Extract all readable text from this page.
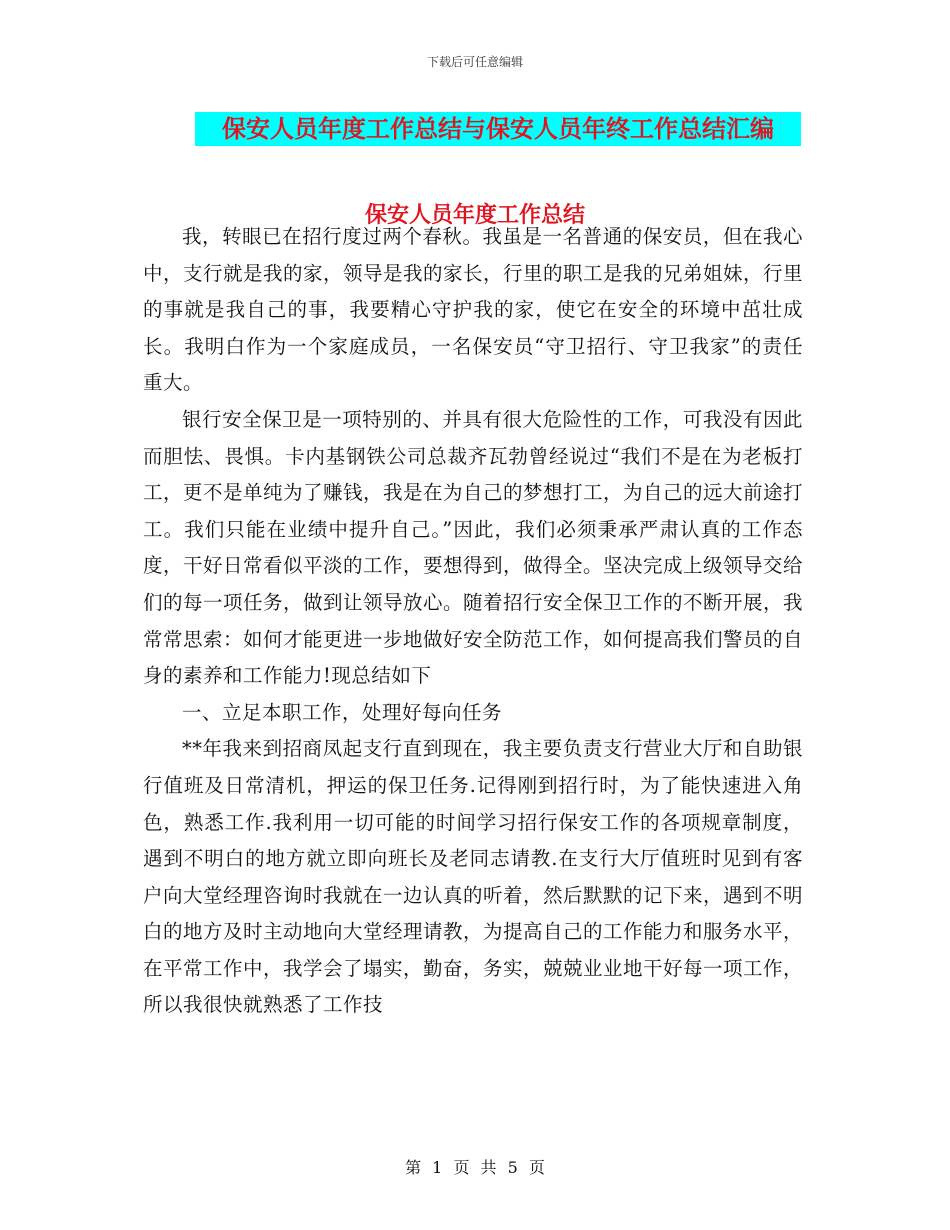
下载后可任意编辑
保安人员年度工作总结与保安人员年终工作总结汇编
保安人员年度工作总结

我，转眼已在招行度过两个春秋。我虽是一名普通的保安员，但在我心中，支行就是我的家，领导是我的家长，行里的职工是我的兄弟姐妹，行里的事就是我自己的事，我要精心守护我的家，使它在安全的环境中茁壮成长。我明白作为一个家庭成员，一名保安员“守卫招行、守卫我家”的责任重大。

银行安全保卫是一项特别的、并具有很大危险性的工作，可我没有因此而胆怯、畏惧。卡内基钢铁公司总裁齐瓦勃曾经说过“我们不是在为老板打工，更不是单纯为了赚钱，我是在为自己的梦想打工，为自己的远大前途打工。我们只能在业绩中提升自己。”因此，我们必须秉承严肃认真的工作态度，干好日常看似平淡的工作，要想得到，做得全。坚决完成上级领导交给们的每一项任务，做到让领导放心。随着招行安全保卫工作的不断开展，我常常思索：如何才能更进一步地做好安全防范工作，如何提高我们警员的自身的素养和工作能力!现总结如下

一、立足本职工作，处理好每向任务

**年我来到招商凤起支行直到现在，我主要负责支行营业大厅和自助银行值班及日常清机，押运的保卫任务.记得刚到招行时，为了能快速进入角色，熟悉工作.我利用一切可能的时间学习招行保安工作的各项规章制度，遇到不明白的地方就立即向班长及老同志请教.在支行大厅值班时见到有客户向大堂经理咨询时我就在一边认真的听着，然后默默的记下来，遇到不明白的地方及时主动地向大堂经理请教，为提高自己的工作能力和服务水平，在平常工作中，我学会了塌实，勤奋，务实，兢兢业业地干好每一项工作，所以我很快就熟悉了工作技

第 1 页 共 5 页
